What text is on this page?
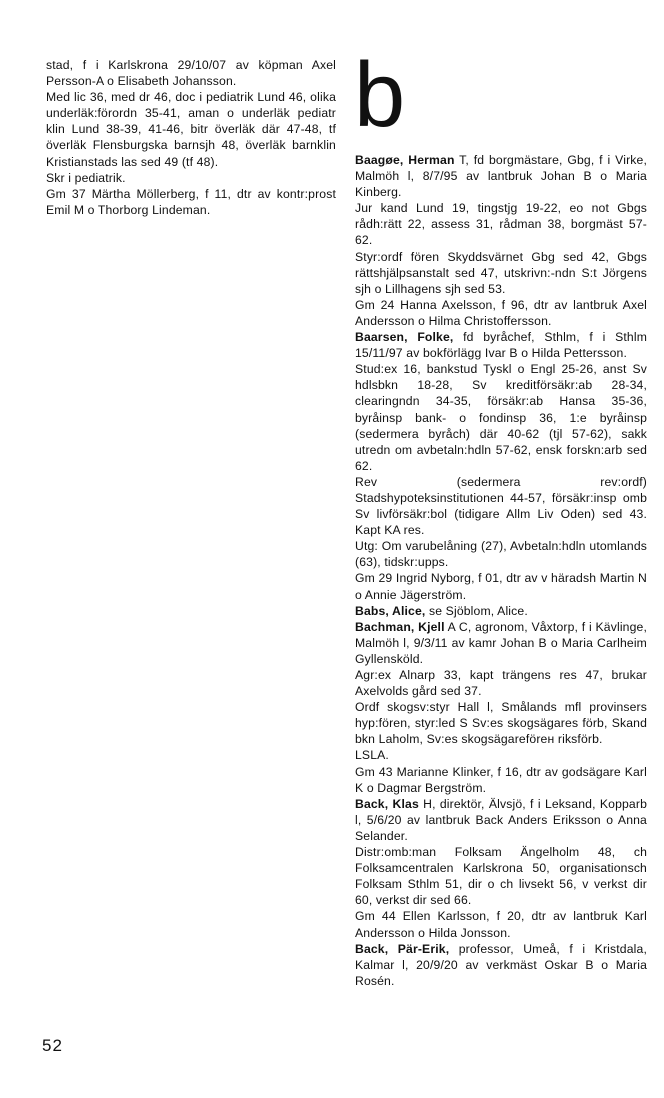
stad, f i Karlskrona 29/10/07 av köpman Axel Persson-A o Elisabeth Johansson.

Med lic 36, med dr 46, doc i pediatrik Lund 46, olika underläk:förordn 35-41, aman o underläk pediatr klin Lund 38-39, 41-46, bitr överläk där 47-48, tf överläk Flensburgska barnsjh 48, överläk barnklin Kristianstads las sed 49 (tf 48).

Skr i pediatrik.

Gm 37 Märtha Möllerberg, f 11, dtr av kontr:prost Emil M o Thorborg Lindeman.

b

Baagøe, Herman T, fd borgmästare, Gbg, f i Virke, Malmöh l, 8/7/95 av lantbruk Johan B o Maria Kinberg.

Jur kand Lund 19, tingstjg 19-22, eo not Gbgs rådh:rätt 22, assess 31, rådman 38, borgmäst 57-62.

Styr:ordf fören Skyddsvärnet Gbg sed 42, Gbgs rättshjälpsanstalt sed 47, utskrivn:-ndn S:t Jörgens sjh o Lillhagens sjh sed 53.

Gm 24 Hanna Axelsson, f 96, dtr av lantbruk Axel Andersson o Hilma Christoffersson.

Baarsen, Folke, fd byråchef, Sthlm, f i Sthlm 15/11/97 av bokförlägg Ivar B o Hilda Pettersson.

Stud:ex 16, bankstud Tyskl o Engl 25-26, anst Sv hdlsbkn 18-28, Sv kreditförsäkr:ab 28-34, clearingndn 34-35, försäkr:ab Hansa 35-36, byråinsp bank- o fondinsp 36, 1:e byråinsp (sedermera byråch) där 40-62 (tjl 57-62), sakk utredn om avbetaln:hdln 57-62, ensk forskn:arb sed 62.

Rev (sedermera rev:ordf) Stadshypoteksinstitutionen 44-57, försäkr:insp omb Sv livförsäkr:bol (tidigare Allm Liv Oden) sed 43. Kapt KA res.

Utg: Om varubelåning (27), Avbetaln:hdln utomlands (63), tidskr:upps.

Gm 29 Ingrid Nyborg, f 01, dtr av v häradsh Martin N o Annie Jägerström.

Babs, Alice, se Sjöblom, Alice.

Bachman, Kjell A C, agronom, Våxtorp, f i Kävlinge, Malmöh l, 9/3/11 av kamr Johan B o Maria Carlheim Gyllensköld.

Agr:ex Alnarp 33, kapt trängens res 47, brukar Axelvolds gård sed 37.

Ordf skogsv:styr Hall l, Smålands mfl provinsers hyp:fören, styr:led S Sv:es skogsägares förb, Skand bkn Laholm, Sv:es skogsägareförен riksförb.

LSLA.

Gm 43 Marianne Klinker, f 16, dtr av godsägare Karl K o Dagmar Bergström.

Back, Klas H, direktör, Älvsjö, f i Leksand, Kopparb l, 5/6/20 av lantbruk Back Anders Eriksson o Anna Selander.

Distr:omb:man Folksam Ängelholm 48, ch Folksamcentralen Karlskrona 50, organisationsch Folksam Sthlm 51, dir o ch livsekt 56, v verkst dir 60, verkst dir sed 66.

Gm 44 Ellen Karlsson, f 20, dtr av lantbruk Karl Andersson o Hilda Jonsson.

Back, Pär-Erik, professor, Umeå, f i Kristdala, Kalmar l, 20/9/20 av verkmäst Oskar B o Maria Rosén.

52
